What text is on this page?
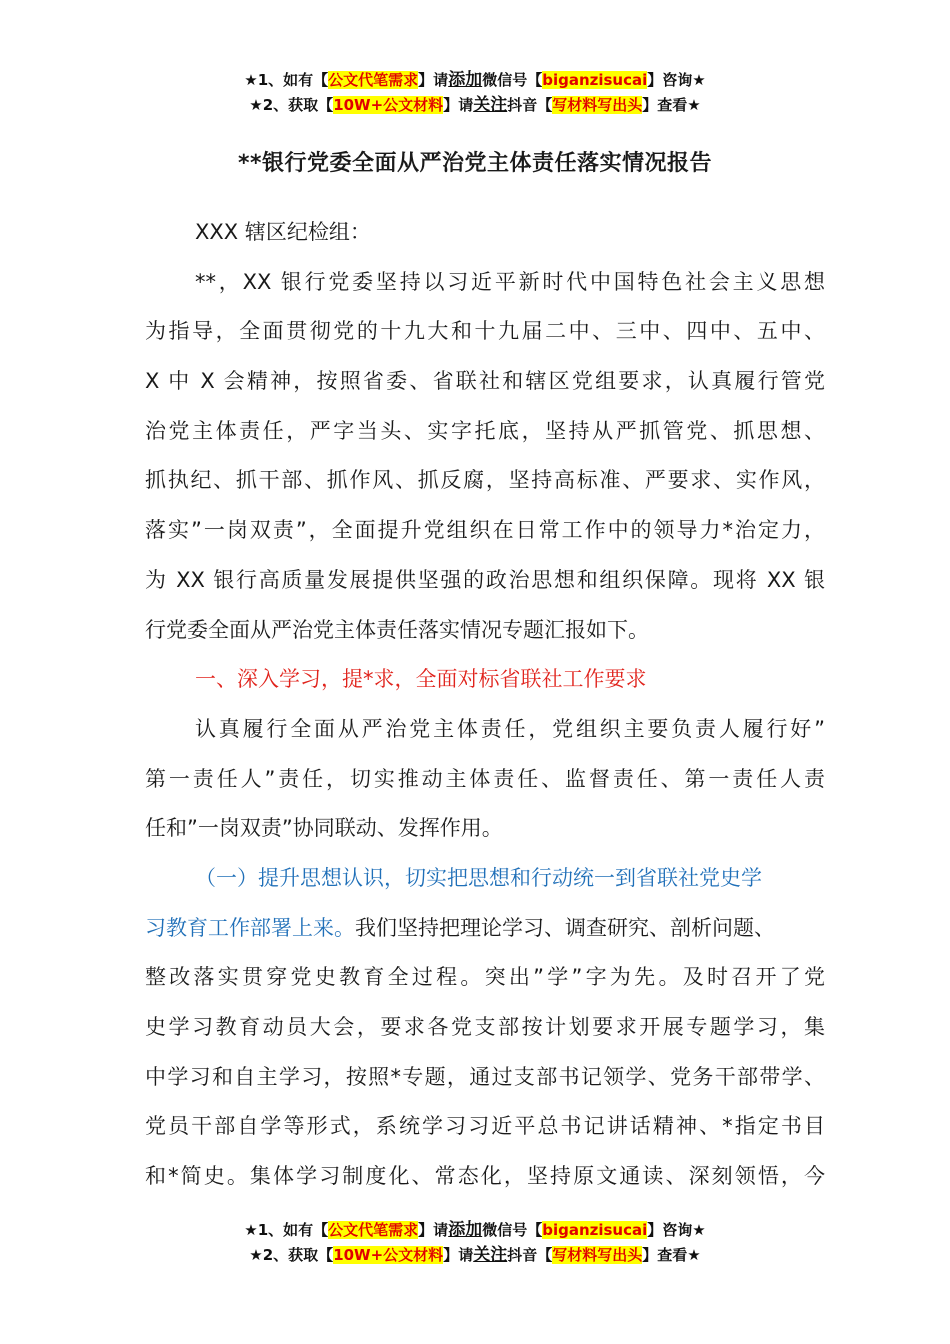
★1、如有【公文代笔需求】请添加微信号【biganzisucai】咨询★
★2、获取【10W+公文材料】请关注抖音【写材料写出头】查看★
**银行党委全面从严治党主体责任落实情况报告
XXX 辖区纪检组：
**，XX 银行党委坚持以习近平新时代中国特色社会主义思想
为指导，全面贯彻党的十九大和十九届二中、三中、四中、五中、
X 中 X 会精神，按照省委、省联社和辖区党组要求，认真履行管党
治党主体责任，严字当头、实字托底，坚持从严抓管党、抓思想、
抓执纪、抓干部、抓作风、抓反腐，坚持高标准、严要求、实作风，
落实”一岗双责”，全面提升党组织在日常工作中的领导力*治定力，
为 XX 银行高质量发展提供坚强的政治思想和组织保障。现将 XX 银
行党委全面从严治党主体责任落实情况专题汇报如下。
一、深入学习，提*求，全面对标省联社工作要求
认真履行全面从严治党主体责任，党组织主要负责人履行好”
第一责任人”责任，切实推动主体责任、监督责任、第一责任人责
任和”一岗双责”协同联动、发挥作用。
（一）提升思想认识，切实把思想和行动统一到省联社党史学
习教育工作部署上来。我们坚持把理论学习、调查研究、剖析问题、
整改落实贯穿党史教育全过程。突出”学”字为先。及时召开了党
史学习教育动员大会，要求各党支部按计划要求开展专题学习，集
中学习和自主学习，按照*专题，通过支部书记领学、党务干部带学、
党员干部自学等形式，系统学习习近平总书记讲话精神、*指定书目
和*简史。集体学习制度化、常态化，坚持原文通读、深刻领悟，今
★1、如有【公文代笔需求】请添加微信号【biganzisucai】咨询★
★2、获取【10W+公文材料】请关注抖音【写材料写出头】查看★
